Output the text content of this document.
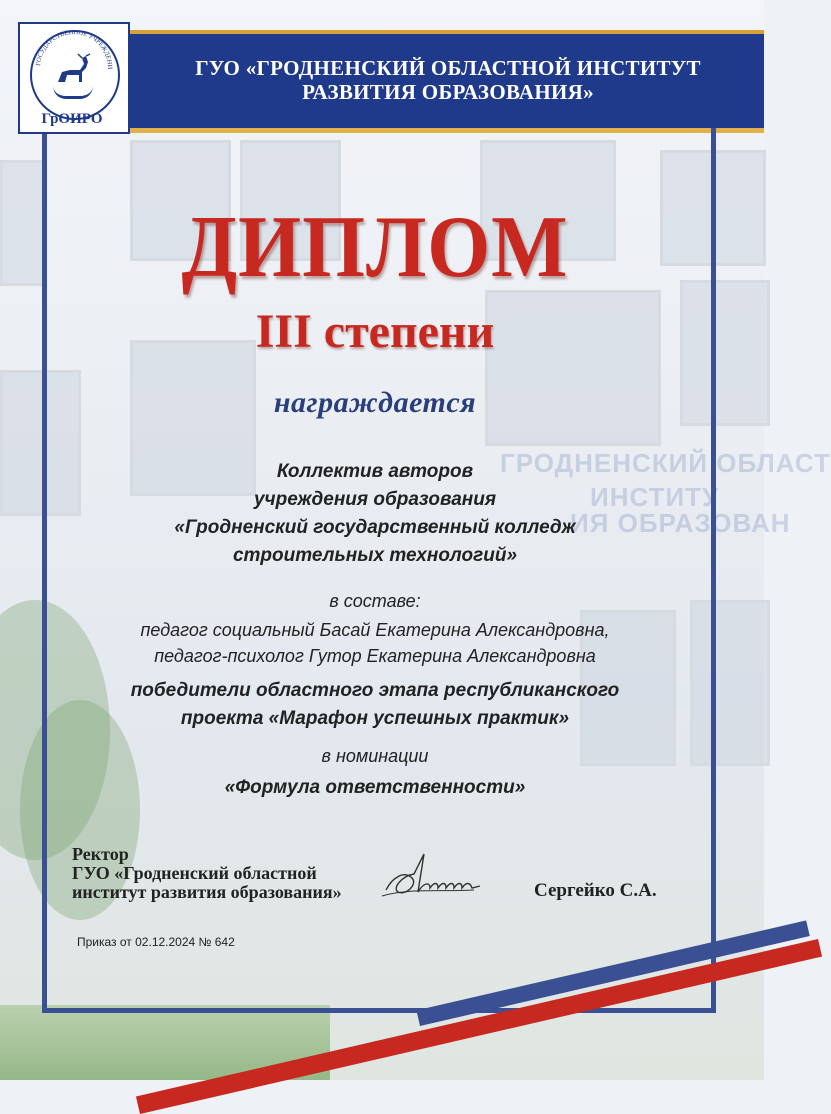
ГРОДНЕНСКИЙ ОБЛАСТ
ИНСТИТУ
ИЯ ОБРАЗОВАН
ГУО «ГРОДНЕНСКИЙ ОБЛАСТНОЙ ИНСТИТУТ
РАЗВИТИЯ ОБРАЗОВАНИЯ»
ГОСУДАРСТВЕННОЕ УЧРЕЖДЕНИ
ГрОИРО
ДИПЛОМ
III степени
награждается
Коллектив авторов
учреждения образования
«Гродненский государственный колледж
строительных технологий»
в составе:
педагог социальный Басай Екатерина Александровна,
педагог-психолог Гутор Екатерина Александровна
победители областного этапа республиканского
проекта «Марафон успешных практик»
в номинации
«Формула ответственности»
Ректор
ГУО «Гродненский областной
институт развития образования»	Сергейко С.А.
Приказ от 02.12.2024 № 642
